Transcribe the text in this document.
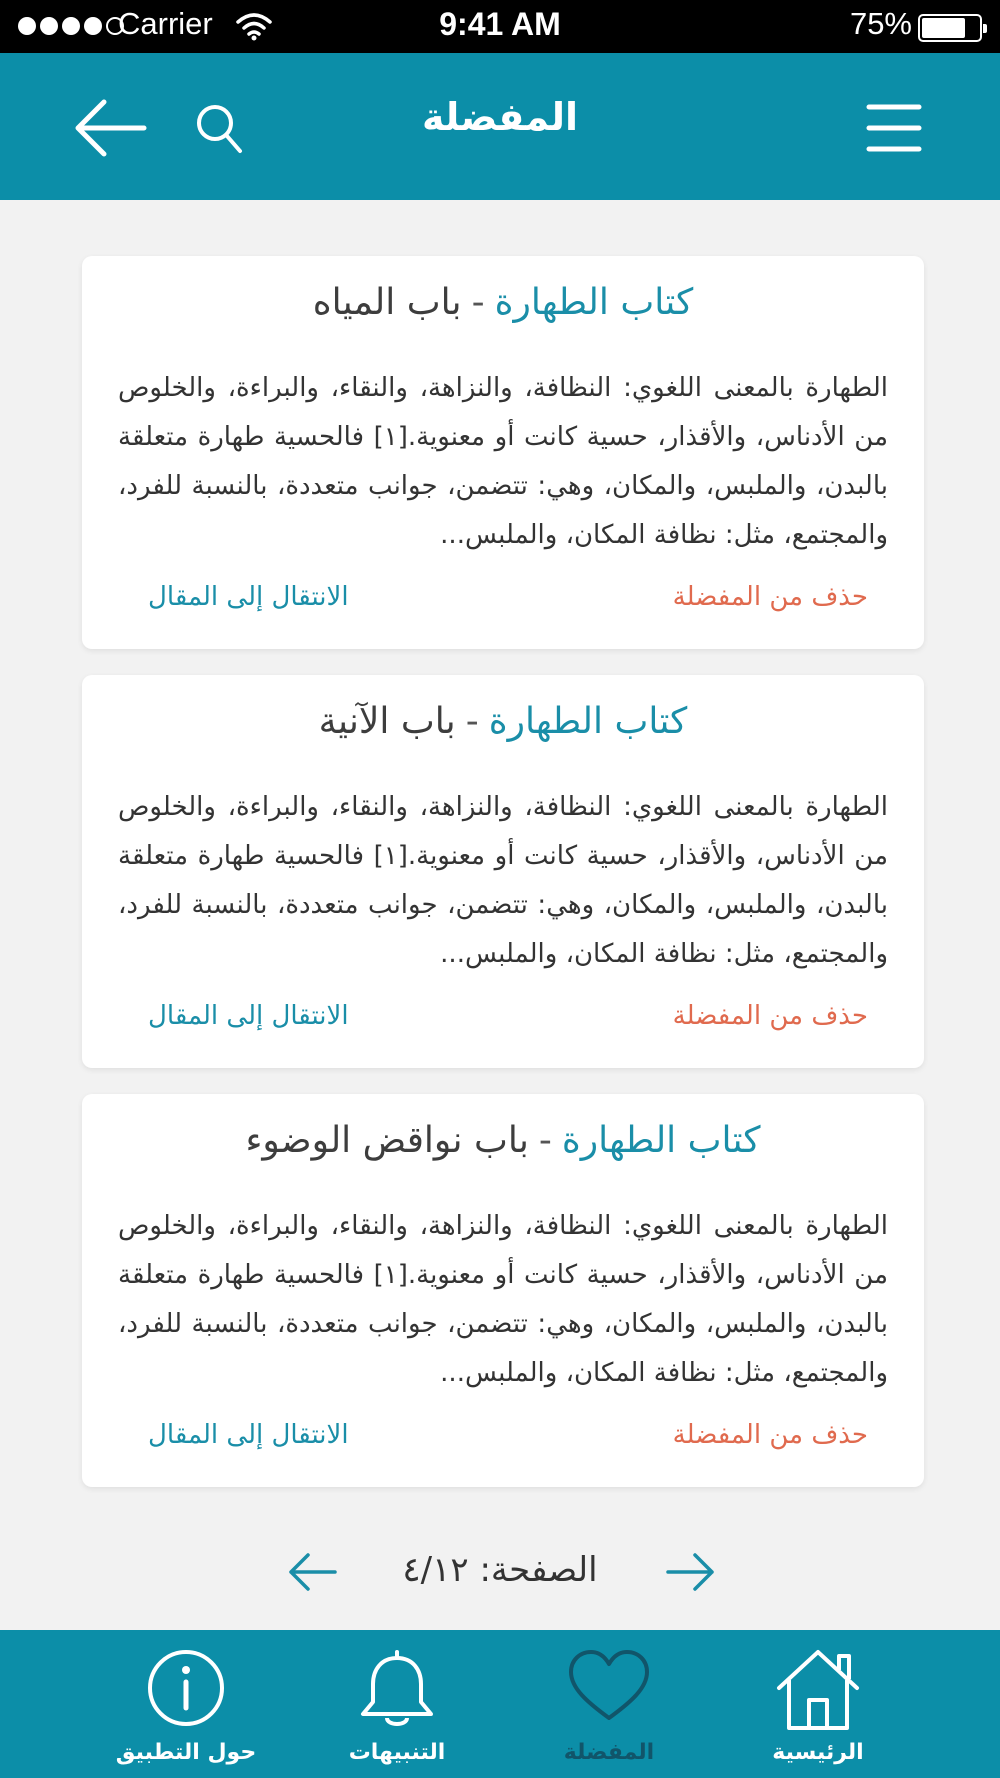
Carrier	9:41 AM	75%
المفضلة
كتاب الطهارة-باب المياه
الطهارة بالمعنى اللغوي: النظافة، والنزاهة، والنقاء، والبراءة، والخلوص من الأدناس، والأقذار، حسية كانت أو معنوية.[١] فالحسية طهارة متعلقة بالبدن، والملبس، والمكان، وهي: تتضمن، جوانب متعددة، بالنسبة للفرد، والمجتمع، مثل: نظافة المكان، والملبس...
حذف من المفضلة
الانتقال إلى المقال
كتاب الطهارة-باب الآنية
الطهارة بالمعنى اللغوي: النظافة، والنزاهة، والنقاء، والبراءة، والخلوص من الأدناس، والأقذار، حسية كانت أو معنوية.[١] فالحسية طهارة متعلقة بالبدن، والملبس، والمكان، وهي: تتضمن، جوانب متعددة، بالنسبة للفرد، والمجتمع، مثل: نظافة المكان، والملبس...
حذف من المفضلة
الانتقال إلى المقال
كتاب الطهارة-باب نواقض الوضوء
الطهارة بالمعنى اللغوي: النظافة، والنزاهة، والنقاء، والبراءة، والخلوص من الأدناس، والأقذار، حسية كانت أو معنوية.[١] فالحسية طهارة متعلقة بالبدن، والملبس، والمكان، وهي: تتضمن، جوانب متعددة، بالنسبة للفرد، والمجتمع، مثل: نظافة المكان، والملبس...
حذف من المفضلة
الانتقال إلى المقال
الصفحة: ٤/١٢
الرئيسية
المفضلة
التنبيهات
حول التطبيق
